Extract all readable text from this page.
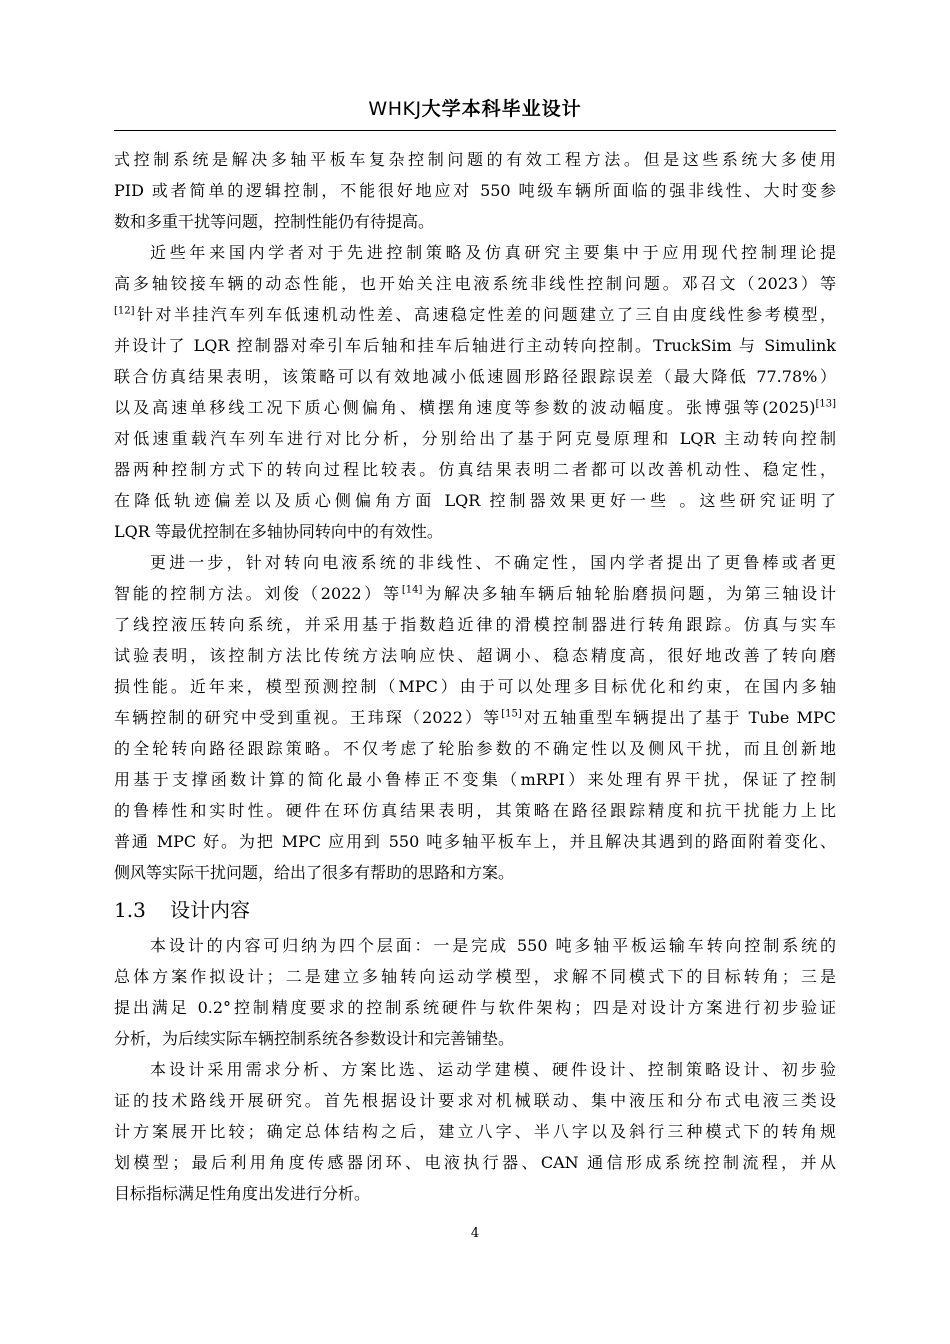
WHKJ大学本科毕业设计
式控制系统是解决多轴平板车复杂控制问题的有效工程方法。但是这些系统大多使用
PID 或者简单的逻辑控制，不能很好地应对 550 吨级车辆所面临的强非线性、大时变参
数和多重干扰等问题，控制性能仍有待提高。
近些年来国内学者对于先进控制策略及仿真研究主要集中于应用现代控制理论提
高多轴铰接车辆的动态性能，也开始关注电液系统非线性控制问题。邓召文（2023）等
[12]针对半挂汽车列车低速机动性差、高速稳定性差的问题建立了三自由度线性参考模型，
并设计了 LQR 控制器对牵引车后轴和挂车后轴进行主动转向控制。TruckSim 与 Simulink
联合仿真结果表明，该策略可以有效地减小低速圆形路径跟踪误差（最大降低 77.78%）
以及高速单移线工况下质心侧偏角、横摆角速度等参数的波动幅度。张博强等(2025)[13]
对低速重载汽车列车进行对比分析，分别给出了基于阿克曼原理和 LQR 主动转向控制
器两种控制方式下的转向过程比较表。仿真结果表明二者都可以改善机动性、稳定性，
在降低轨迹偏差以及质心侧偏角方面 LQR 控制器效果更好一些 。这些研究证明了
LQR 等最优控制在多轴协同转向中的有效性。
更进一步，针对转向电液系统的非线性、不确定性，国内学者提出了更鲁棒或者更
智能的控制方法。刘俊（2022）等[14]为解决多轴车辆后轴轮胎磨损问题，为第三轴设计
了线控液压转向系统，并采用基于指数趋近律的滑模控制器进行转角跟踪。仿真与实车
试验表明，该控制方法比传统方法响应快、超调小、稳态精度高，很好地改善了转向磨
损性能。近年来，模型预测控制（MPC）由于可以处理多目标优化和约束，在国内多轴
车辆控制的研究中受到重视。王玮琛（2022）等[15]对五轴重型车辆提出了基于 Tube MPC
的全轮转向路径跟踪策略。不仅考虑了轮胎参数的不确定性以及侧风干扰，而且创新地
用基于支撑函数计算的简化最小鲁棒正不变集（mRPI）来处理有界干扰，保证了控制
的鲁棒性和实时性。硬件在环仿真结果表明，其策略在路径跟踪精度和抗干扰能力上比
普通 MPC 好。为把 MPC 应用到 550 吨多轴平板车上，并且解决其遇到的路面附着变化、
侧风等实际干扰问题，给出了很多有帮助的思路和方案。
1.3 设计内容
本设计的内容可归纳为四个层面：一是完成 550 吨多轴平板运输车转向控制系统的
总体方案作拟设计；二是建立多轴转向运动学模型，求解不同模式下的目标转角；三是
提出满足 0.2°控制精度要求的控制系统硬件与软件架构；四是对设计方案进行初步验证
分析，为后续实际车辆控制系统各参数设计和完善铺垫。
本设计采用需求分析、方案比选、运动学建模、硬件设计、控制策略设计、初步验
证的技术路线开展研究。首先根据设计要求对机械联动、集中液压和分布式电液三类设
计方案展开比较；确定总体结构之后，建立八字、半八字以及斜行三种模式下的转角规
划模型；最后利用角度传感器闭环、电液执行器、CAN 通信形成系统控制流程，并从
目标指标满足性角度出发进行分析。
4
